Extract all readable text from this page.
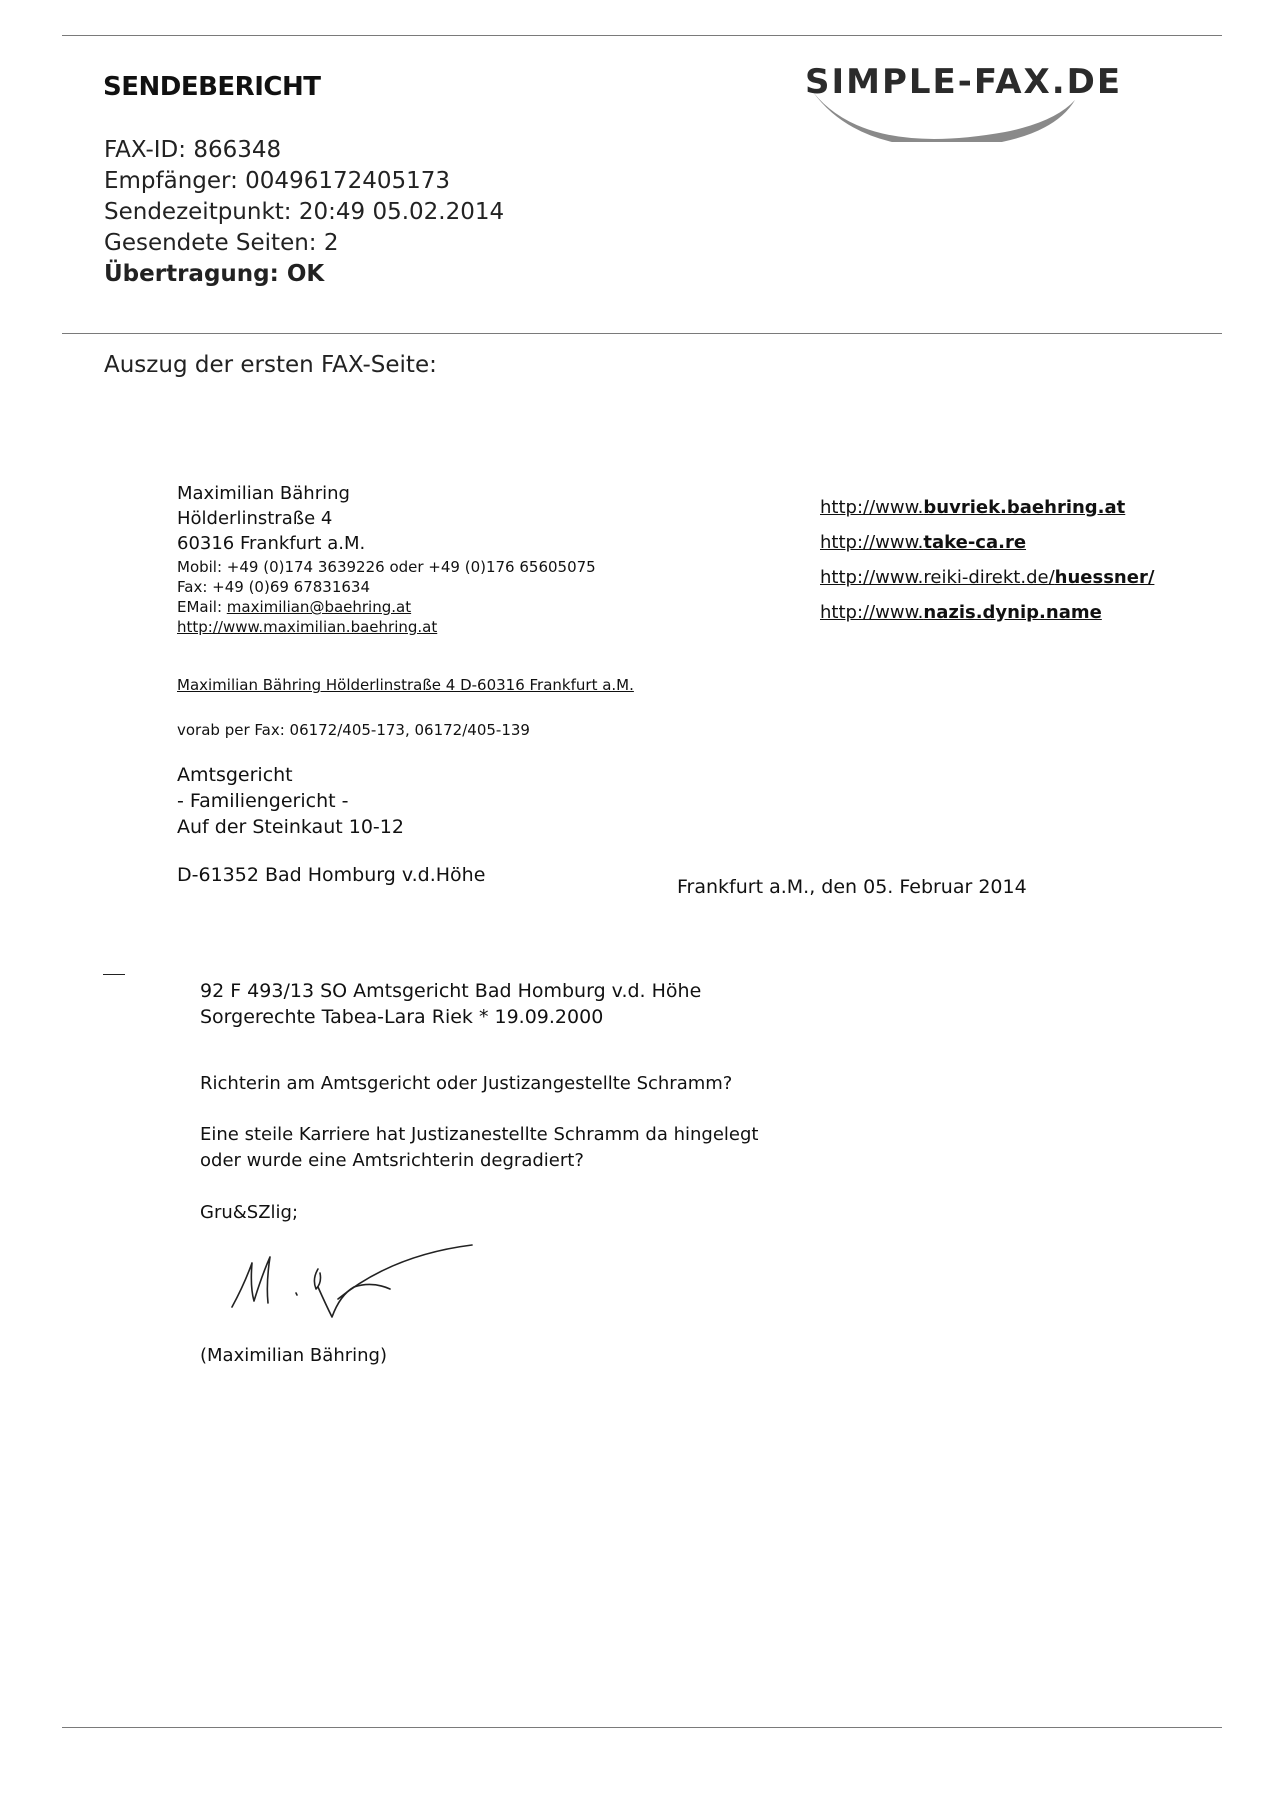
SENDEBERICHT	SIMPLE-FAX.DE
FAX-ID: 866348
Empfänger: 00496172405173
Sendezeitpunkt: 20:49 05.02.2014
Gesendete Seiten: 2
Übertragung: OK
Auszug der ersten FAX-Seite:
Maximilian Bähring
Hölderlinstraße 4
60316 Frankfurt a.M.
Mobil: +49 (0)174 3639226 oder +49 (0)176 65605075
Fax: +49 (0)69 67831634
EMail: maximilian@baehring.at
http://www.maximilian.baehring.at
http://www.buvriek.baehring.at
http://www.take-ca.re
http://www.reiki-direkt.de/huessner/
http://www.nazis.dynip.name
Maximilian Bähring Hölderlinstraße 4 D-60316 Frankfurt a.M.
vorab per Fax: 06172/405-173, 06172/405-139
Amtsgericht
- Familiengericht -
Auf der Steinkaut 10-12
D-61352 Bad Homburg v.d.Höhe
Frankfurt a.M., den 05. Februar 2014
92 F 493/13 SO Amtsgericht Bad Homburg v.d. Höhe
Sorgerechte Tabea-Lara Riek * 19.09.2000
Richterin am Amtsgericht oder Justizangestellte Schramm?
Eine steile Karriere hat Justizanestellte Schramm da hingelegt
oder wurde eine Amtsrichterin degradiert?
Gru&SZlig;
(Maximilian Bähring)
